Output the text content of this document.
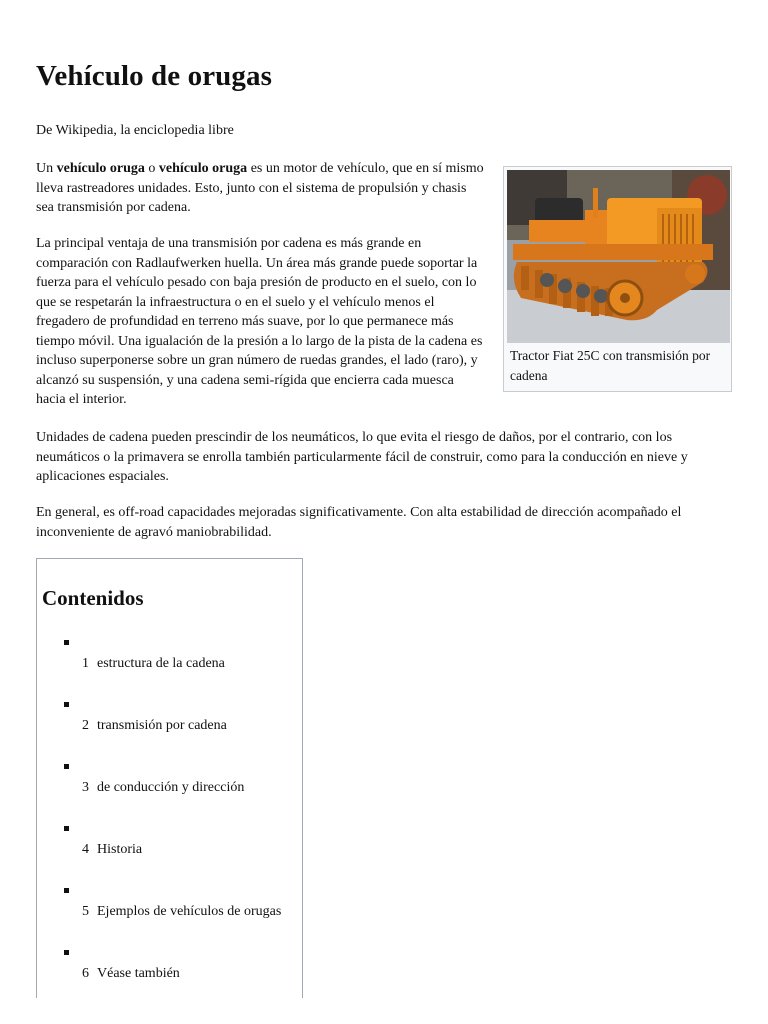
Vehículo de orugas
De Wikipedia, la enciclopedia libre

Un vehículo oruga o vehículo oruga es un motor de vehículo, que en sí mismo lleva rastreadores unidades. Esto, junto con el sistema de propulsión y chasis sea transmisión por cadena.

La principal ventaja de una transmisión por cadena es más grande en comparación con Radlaufwerken huella. Un área más grande puede soportar la fuerza para el vehículo pesado con baja presión de producto en el suelo, con lo que se respetarán la infraestructura o en el suelo y el vehículo menos el fregadero de profundidad en terreno más suave, por lo que permanece más tiempo móvil. Una igualación de la presión a lo largo de la pista de la cadena es incluso superponerse sobre un gran número de ruedas grandes, el lado (raro), y alcanzó su suspensión, y una cadena semi-rígida que encierra cada muesca hacia el interior.

Tractor Fiat 25C con transmisión por cadena

Unidades de cadena pueden prescindir de los neumáticos, lo que evita el riesgo de daños, por el contrario, con los neumáticos o la primavera se enrolla también particularmente fácil de construir, como para la conducción en nieve y aplicaciones espaciales.

En general, es off-road capacidades mejoradas significativamente. Con alta estabilidad de dirección acompañado el inconveniente de agravó maniobrabilidad.

Contenidos
1 estructura de la cadena
2 transmisión por cadena
3 de conducción y dirección
4 Historia
5 Ejemplos de vehículos de orugas
6 Véase también
